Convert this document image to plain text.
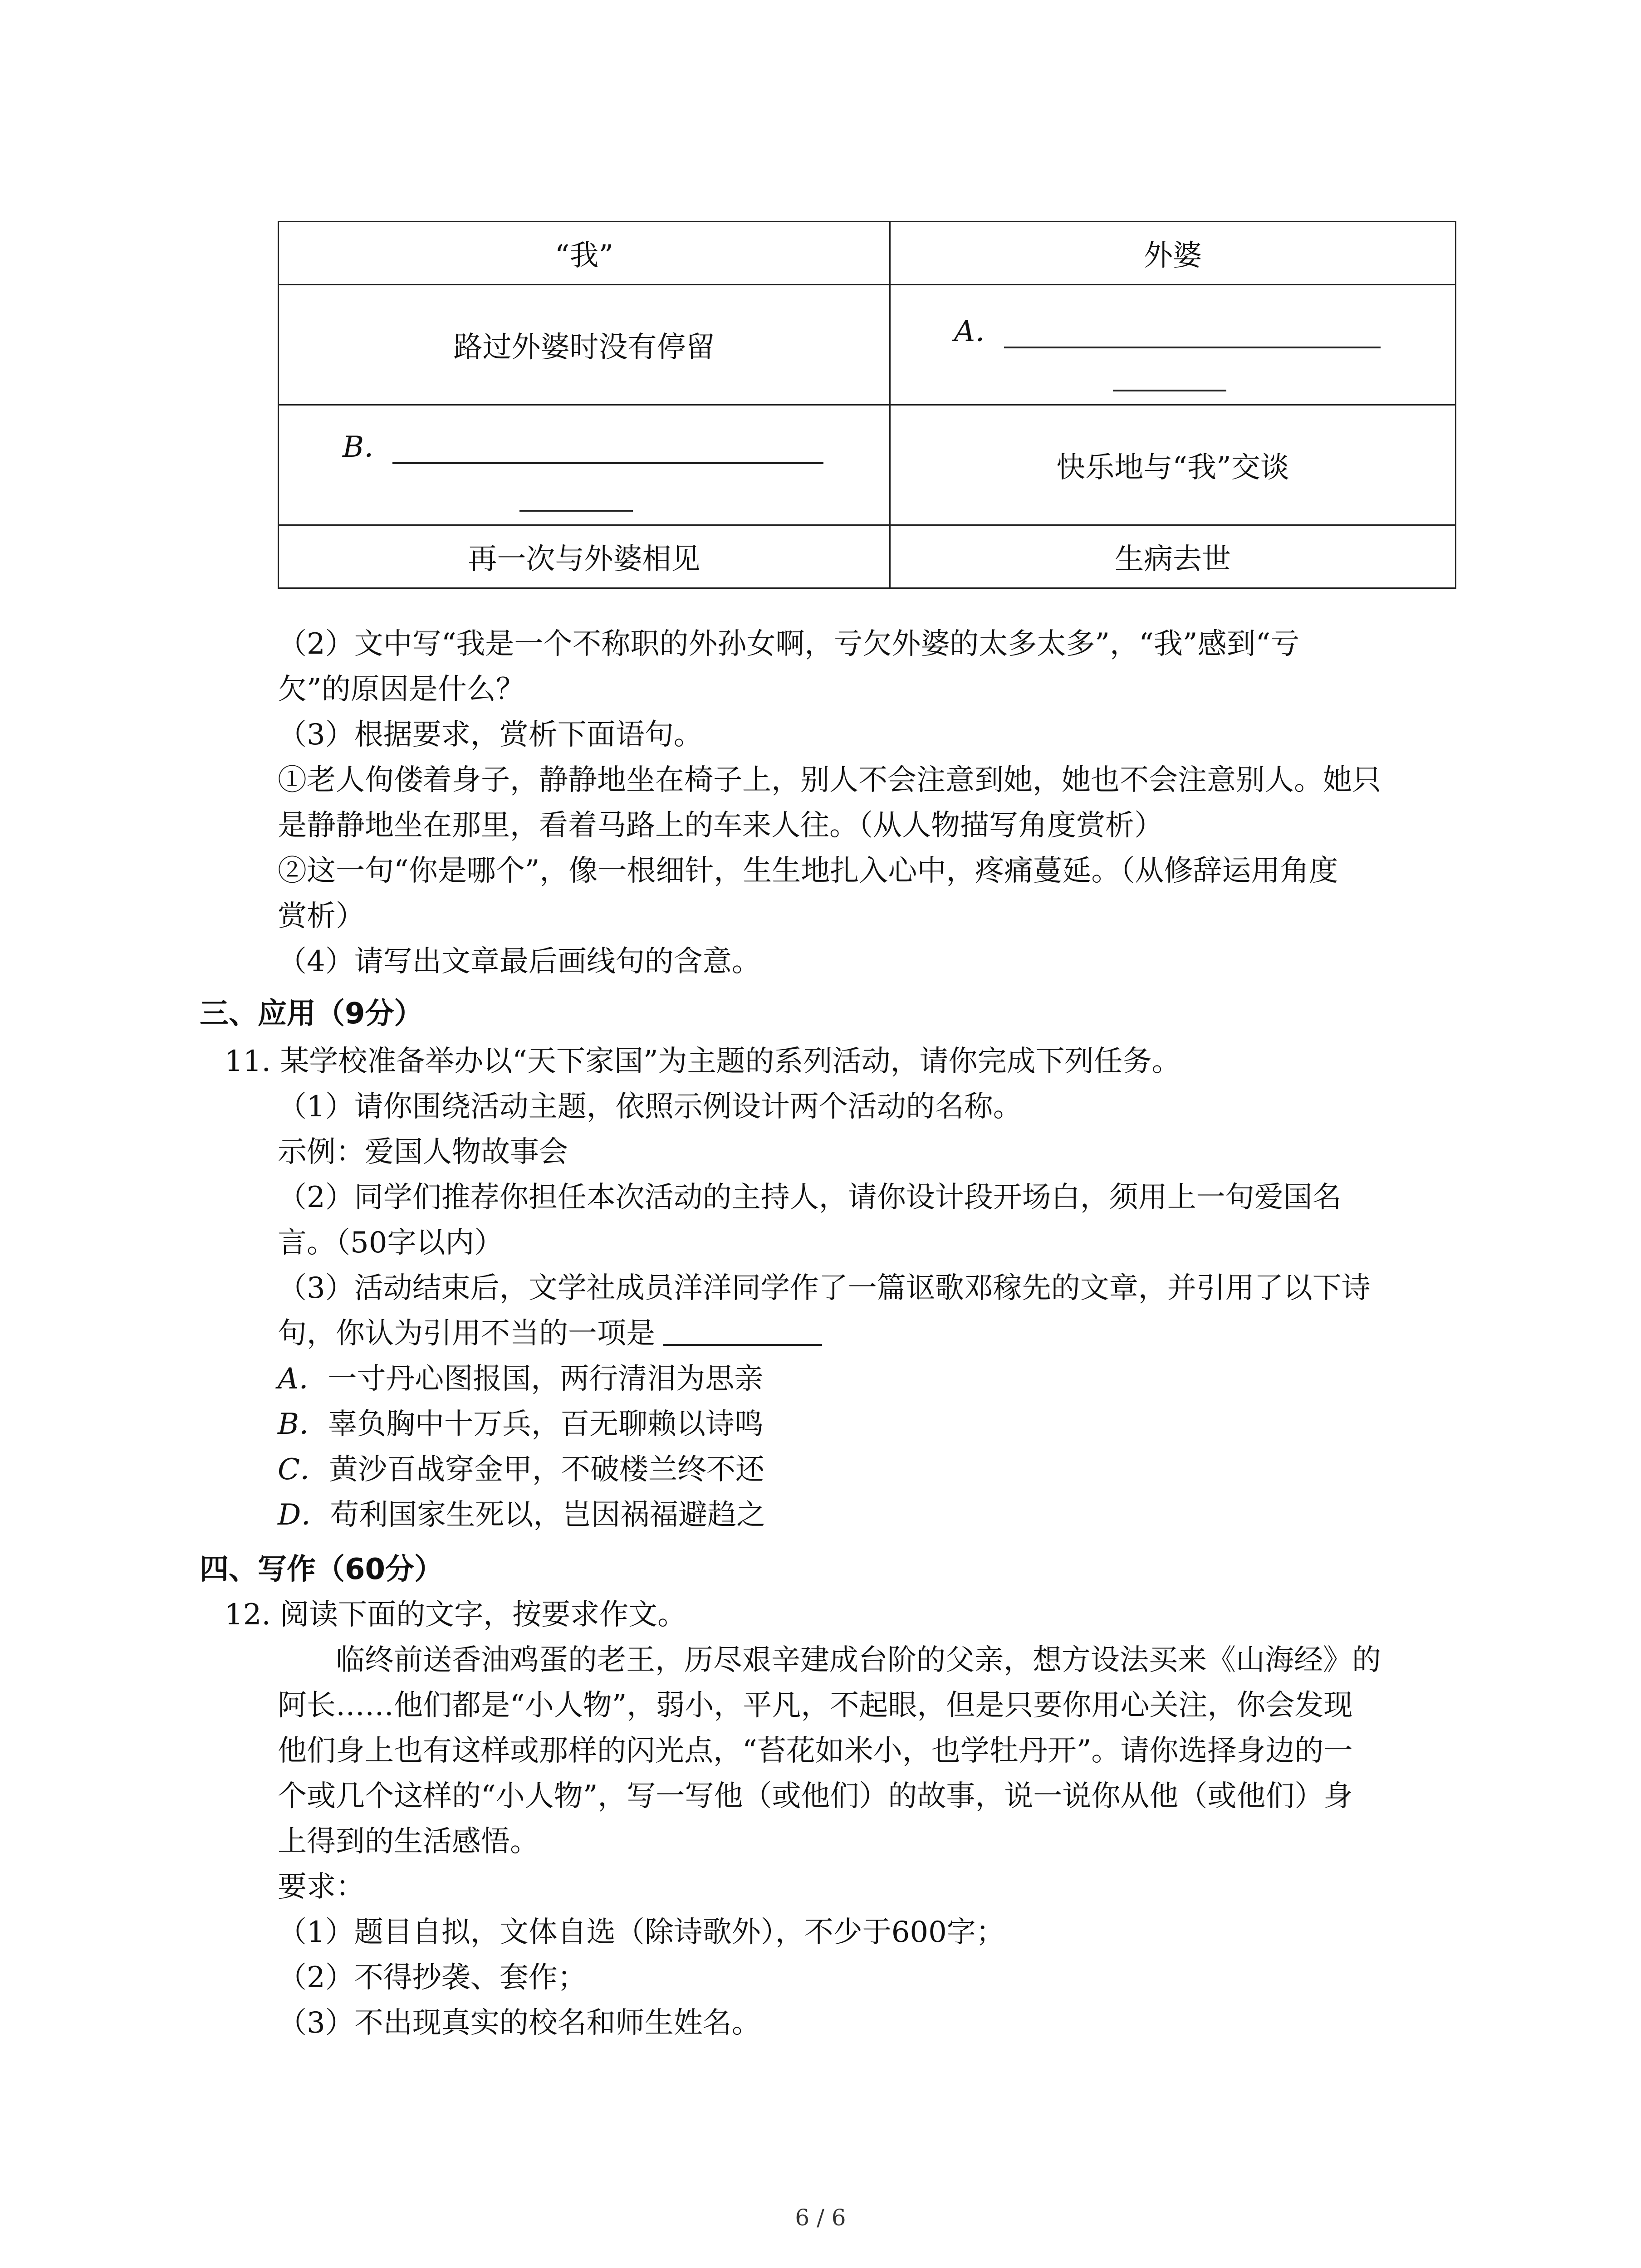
“我”	外婆
路过外婆时没有停留	A．

B．	快乐地与“我”交谈
再一次与外婆相见	生病去世
（2）文中写“我是一个不称职的外孙女啊，亏欠外婆的太多太多”，“我”感到“亏
欠”的原因是什么？
（3）根据要求，赏析下面语句。
①老人佝偻着身子，静静地坐在椅子上，别人不会注意到她，她也不会注意别人。她只
是静静地坐在那里，看着马路上的车来人往。（从人物描写角度赏析）
②这一句“你是哪个”，像一根细针，生生地扎入心中，疼痛蔓延。（从修辞运用角度
赏析）
（4）请写出文章最后画线句的含意。
三、应用（9分）
11. 某学校准备举办以“天下家国”为主题的系列活动，请你完成下列任务。
（1）请你围绕活动主题，依照示例设计两个活动的名称。
示例：爱国人物故事会
（2）同学们推荐你担任本次活动的主持人，请你设计段开场白，须用上一句爱国名
言。（50字以内）
（3）活动结束后，文学社成员洋洋同学作了一篇讴歌邓稼先的文章，并引用了以下诗
句，你认为引用不当的一项是
A．一寸丹心图报国，两行清泪为思亲
B．辜负胸中十万兵，百无聊赖以诗鸣
C．黄沙百战穿金甲，不破楼兰终不还
D．苟利国家生死以，岂因祸福避趋之
四、写作（60分）
12. 阅读下面的文字，按要求作文。
临终前送香油鸡蛋的老王，历尽艰辛建成台阶的父亲，想方设法买来《山海经》的
阿长……他们都是“小人物”，弱小，平凡，不起眼，但是只要你用心关注，你会发现
他们身上也有这样或那样的闪光点，“苔花如米小，也学牡丹开”。请你选择身边的一
个或几个这样的“小人物”，写一写他（或他们）的故事，说一说你从他（或他们）身
上得到的生活感悟。
要求：
（1）题目自拟，文体自选（除诗歌外），不少于600字；
（2）不得抄袭、套作；
（3）不出现真实的校名和师生姓名。
6 / 6
